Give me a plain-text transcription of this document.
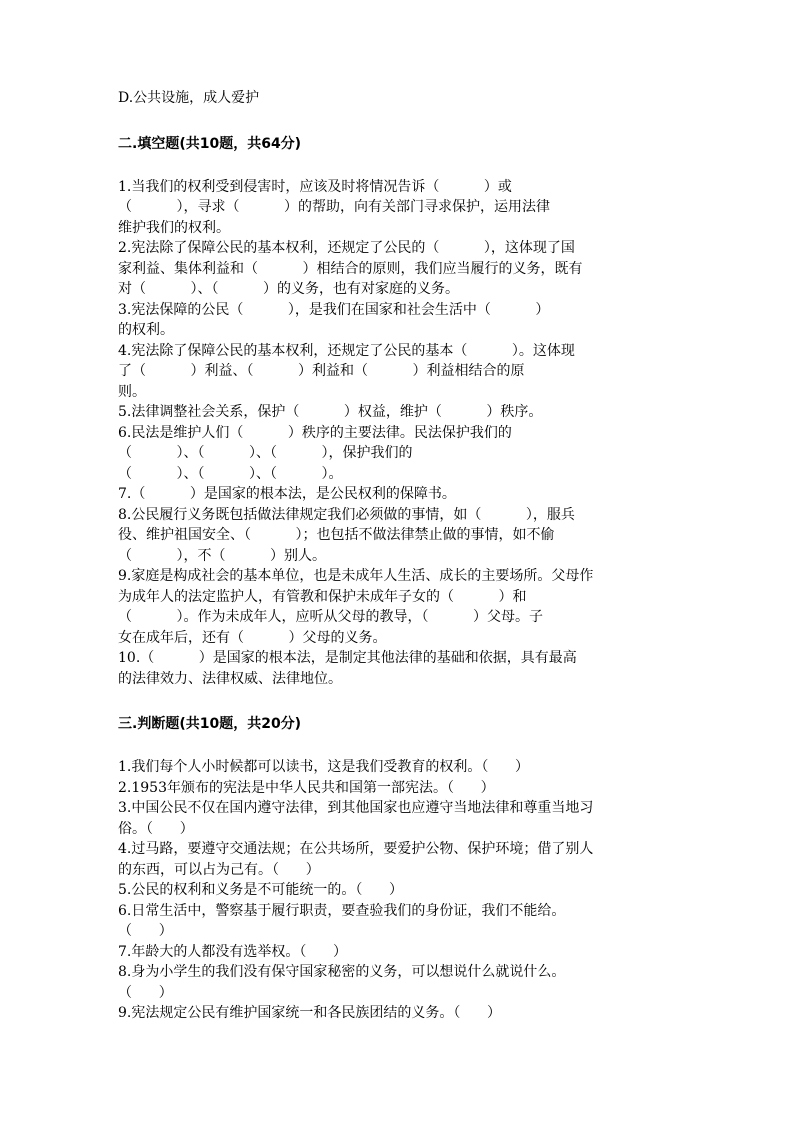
D.公共设施，成人爱护
二.填空题(共10题，共64分)
1.当我们的权利受到侵害时，应该及时将情况告诉（          ）或
（          ），寻求（          ）的帮助，向有关部门寻求保护，运用法律
维护我们的权利。
2.宪法除了保障公民的基本权利，还规定了公民的（          ），这体现了国
家利益、集体利益和（          ）相结合的原则，我们应当履行的义务，既有
对（          ）、（          ）的义务，也有对家庭的义务。
3.宪法保障的公民（          ），是我们在国家和社会生活中（          ）
的权利。
4.宪法除了保障公民的基本权利，还规定了公民的基本（          ）。这体现
了（          ）利益、（          ）利益和（          ）利益相结合的原
则。
5.法律调整社会关系，保护（          ）权益，维护（          ）秩序。
6.民法是维护人们（          ）秩序的主要法律。民法保护我们的
（          ）、（          ）、（          ），保护我们的
（          ）、（          ）、（          ）。
7.（          ）是国家的根本法，是公民权利的保障书。
8.公民履行义务既包括做法律规定我们必须做的事情，如（          ），服兵
役、维护祖国安全、（          ）；也包括不做法律禁止做的事情，如不偷
（          ），不（          ）别人。
9.家庭是构成社会的基本单位，也是未成年人生活、成长的主要场所。父母作
为成年人的法定监护人，有管教和保护未成年子女的（          ）和
（          ）。作为未成年人，应听从父母的教导，（          ）父母。子
女在成年后，还有（          ）父母的义务。
10.（          ）是国家的根本法，是制定其他法律的基础和依据，具有最高
的法律效力、法律权威、法律地位。
三.判断题(共10题，共20分)
1.我们每个人小时候都可以读书，这是我们受教育的权利。（      ）
2.1953年颁布的宪法是中华人民共和国第一部宪法。（      ）
3.中国公民不仅在国内遵守法律，到其他国家也应遵守当地法律和尊重当地习
俗。（      ）
4.过马路，要遵守交通法规；在公共场所，要爱护公物、保护环境；借了别人
的东西，可以占为己有。（      ）
5.公民的权利和义务是不可能统一的。（      ）
6.日常生活中，警察基于履行职责，要查验我们的身份证，我们不能给。
（      ）
7.年龄大的人都没有选举权。（      ）
8.身为小学生的我们没有保守国家秘密的义务，可以想说什么就说什么。
（      ）
9.宪法规定公民有维护国家统一和各民族团结的义务。（      ）
